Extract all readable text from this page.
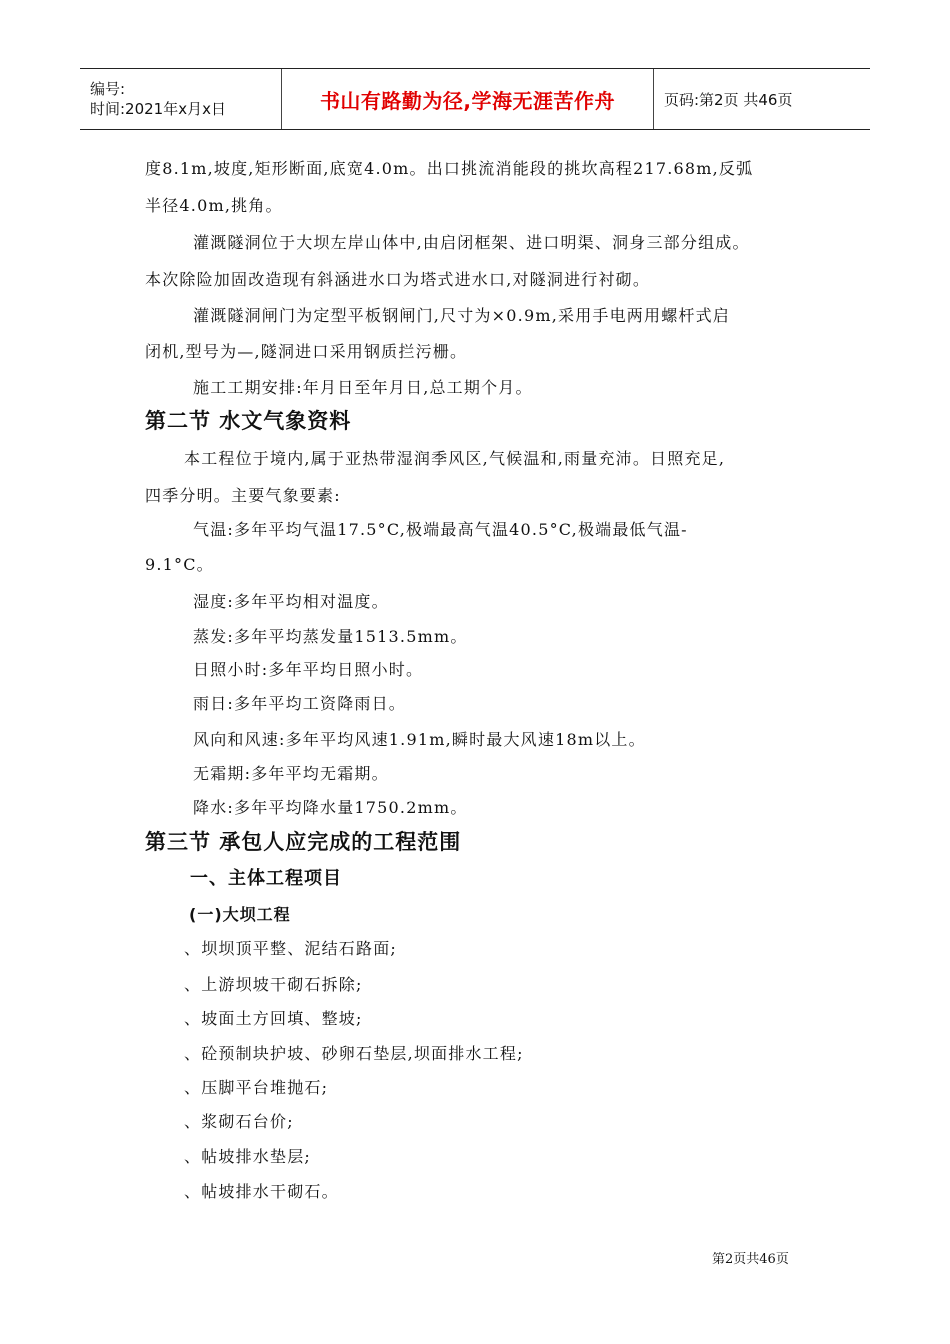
编号:
时间:2021年x月x日	书山有路勤为径,学海无涯苦作舟	页码:第2页 共46页
度8.1m,坡度,矩形断面,底宽4.0m。出口挑流消能段的挑坎高程217.68m,反弧
半径4.0m,挑角。
灌溉隧洞位于大坝左岸山体中,由启闭框架、进口明渠、洞身三部分组成。
本次除险加固改造现有斜涵进水口为塔式进水口,对隧洞进行衬砌。
灌溉隧洞闸门为定型平板钢闸门,尺寸为×0.9m,采用手电两用螺杆式启
闭机,型号为—,隧洞进口采用钢质拦污栅。
施工工期安排:年月日至年月日,总工期个月。
第二节 水文气象资料
本工程位于境内,属于亚热带湿润季风区,气候温和,雨量充沛。日照充足,
四季分明。主要气象要素:
气温:多年平均气温17.5°C,极端最高气温40.5°C,极端最低气温-
9.1°C。
湿度:多年平均相对温度。
蒸发:多年平均蒸发量1513.5mm。
日照小时:多年平均日照小时。
雨日:多年平均工资降雨日。
风向和风速:多年平均风速1.91m,瞬时最大风速18m以上。
无霜期:多年平均无霜期。
降水:多年平均降水量1750.2mm。
第三节 承包人应完成的工程范围
一、主体工程项目
(一)大坝工程
、坝坝顶平整、泥结石路面;
、上游坝坡干砌石拆除;
、坡面土方回填、整坡;
、砼预制块护坡、砂卵石垫层,坝面排水工程;
、压脚平台堆抛石;
、浆砌石台价;
、帖坡排水垫层;
、帖坡排水干砌石。
第2页共46页
